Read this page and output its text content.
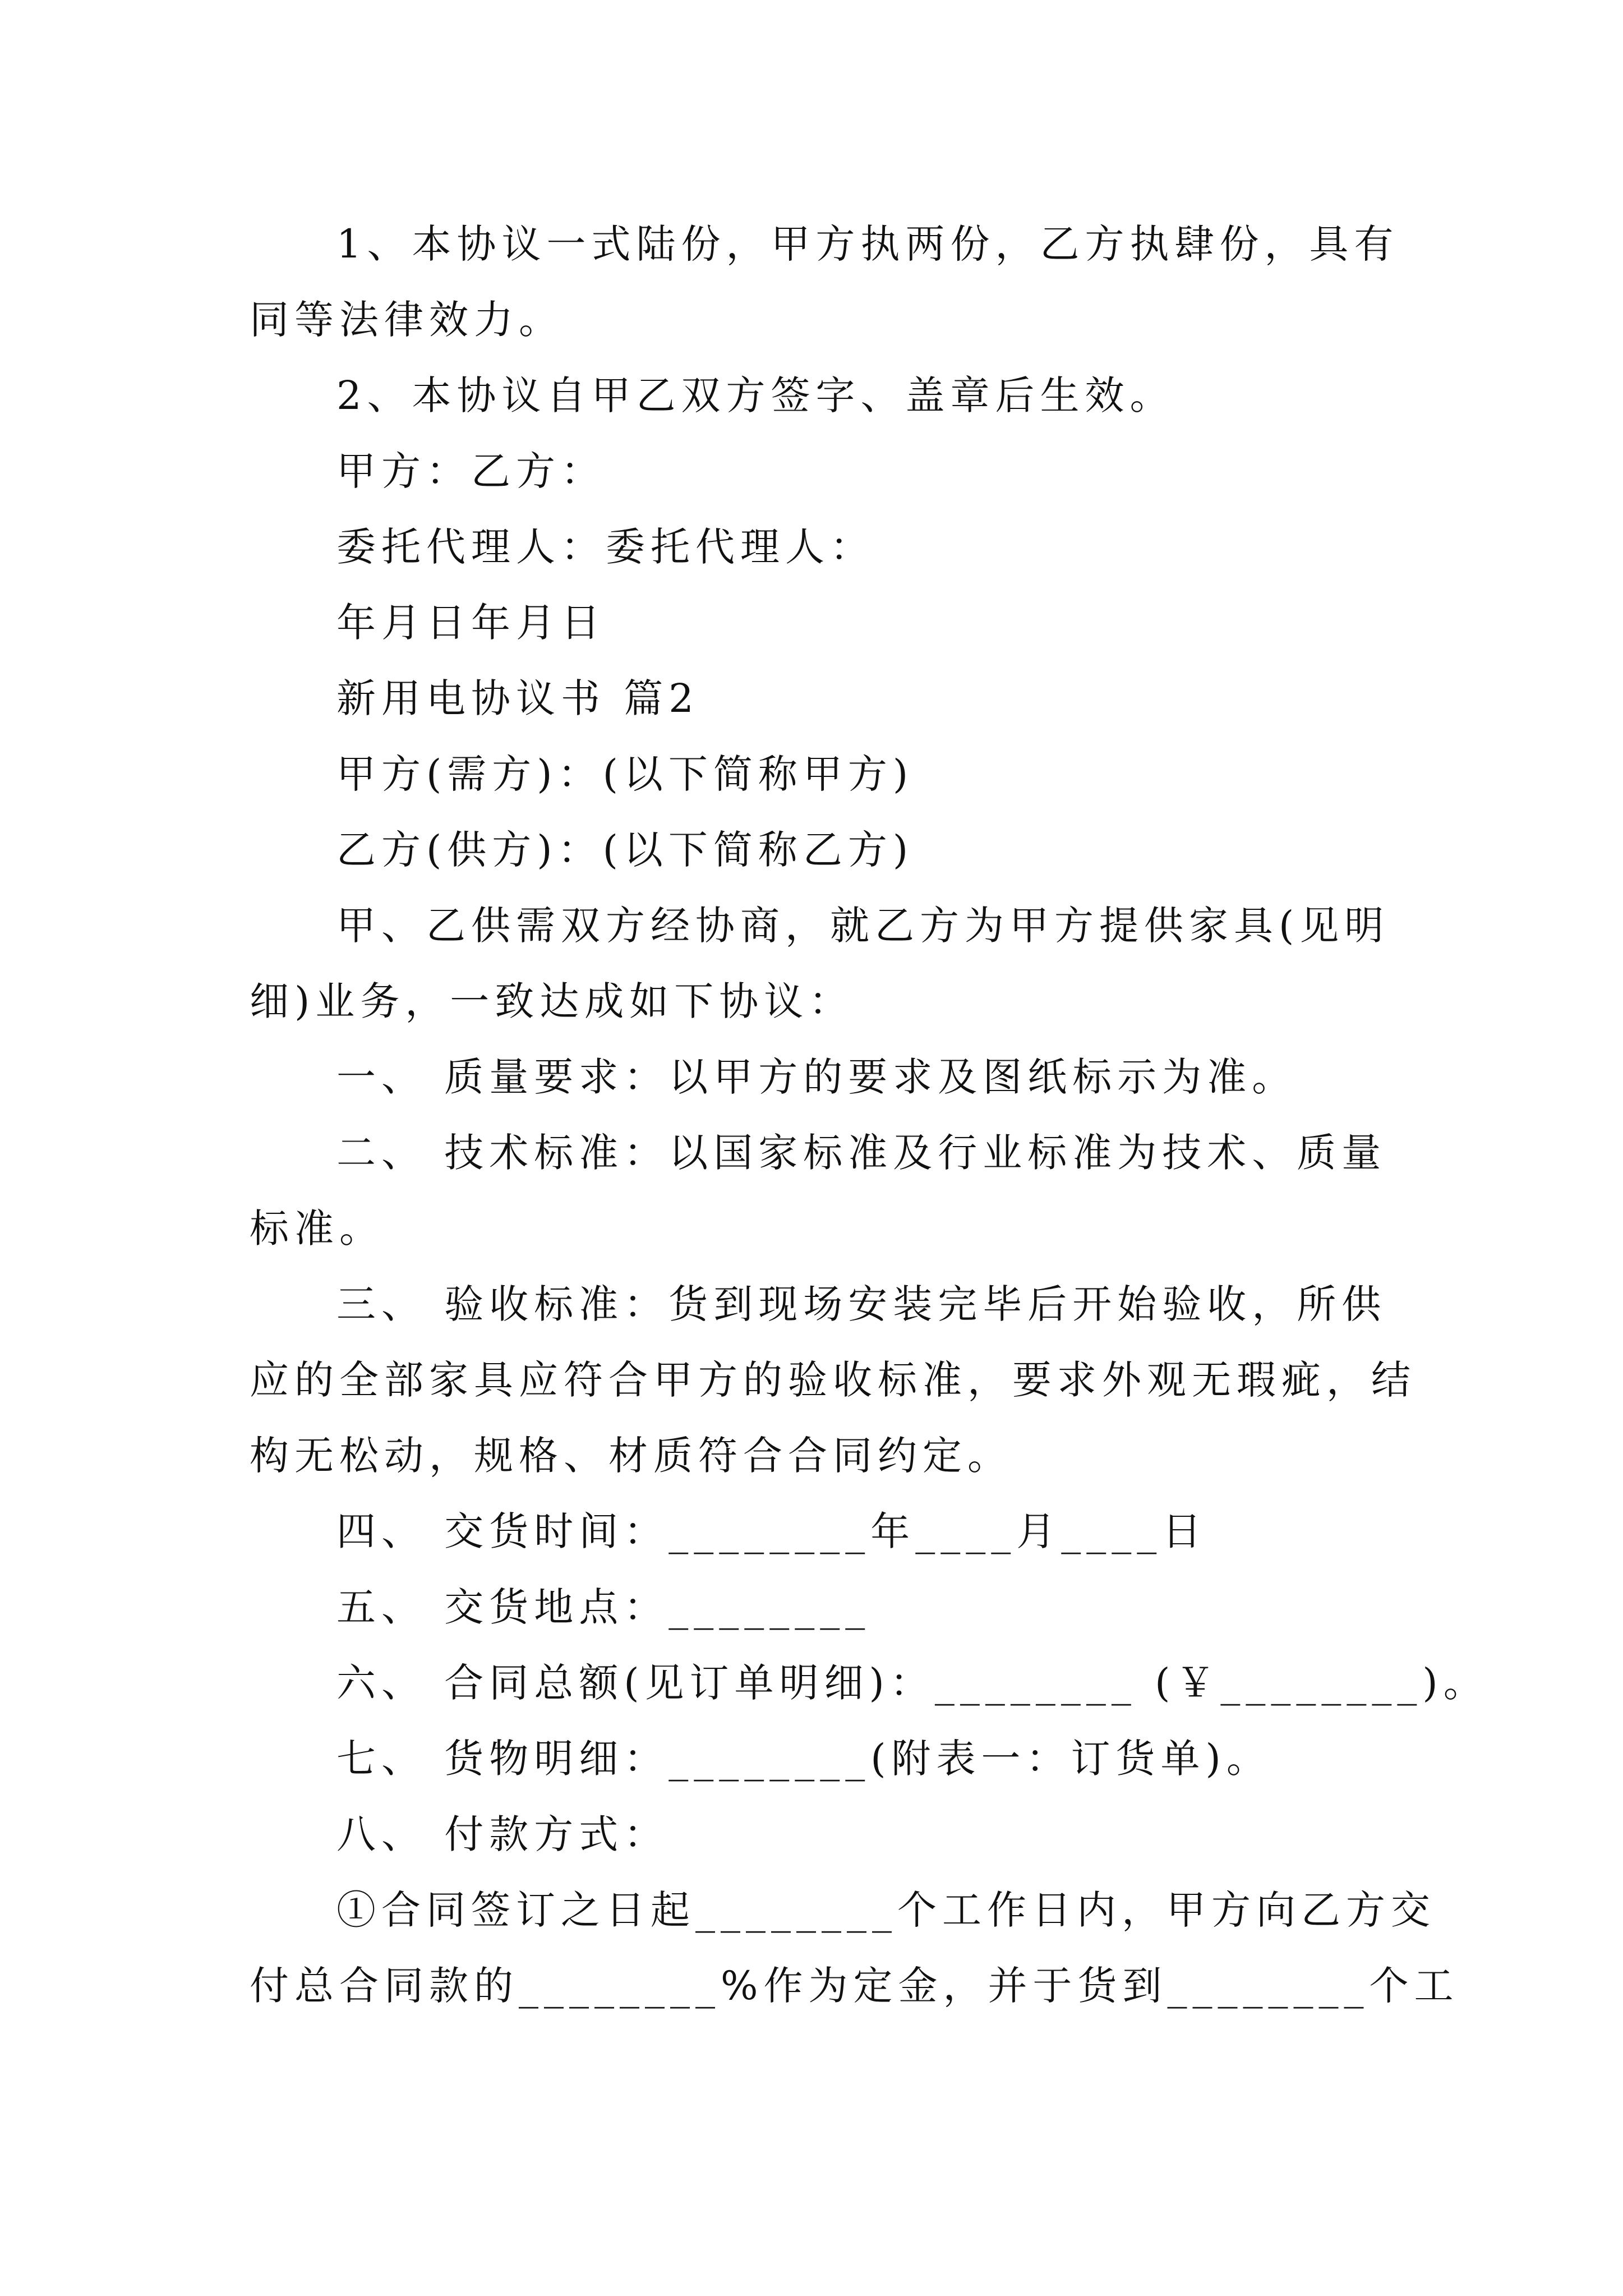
1、本协议一式陆份，甲方执两份，乙方执肆份，具有
同等法律效力。
2、本协议自甲乙双方签字、盖章后生效。
甲方：乙方：
委托代理人：委托代理人：
年月日年月日
新用电协议书 篇2
甲方(需方)：(以下简称甲方)
乙方(供方)：(以下简称乙方)
甲、乙供需双方经协商，就乙方为甲方提供家具(见明
细)业务，一致达成如下协议：
一、 质量要求：以甲方的要求及图纸标示为准。
二、 技术标准：以国家标准及行业标准为技术、质量
标准。
三、 验收标准：货到现场安装完毕后开始验收，所供
应的全部家具应符合甲方的验收标准，要求外观无瑕疵，结
构无松动，规格、材质符合合同约定。
四、 交货时间：________年____月____日
五、 交货地点：________
六、 合同总额(见订单明细)：________ (￥________)。
七、 货物明细：________(附表一：订货单)。
八、 付款方式：
①合同签订之日起________个工作日内，甲方向乙方交
付总合同款的________%作为定金，并于货到________个工
